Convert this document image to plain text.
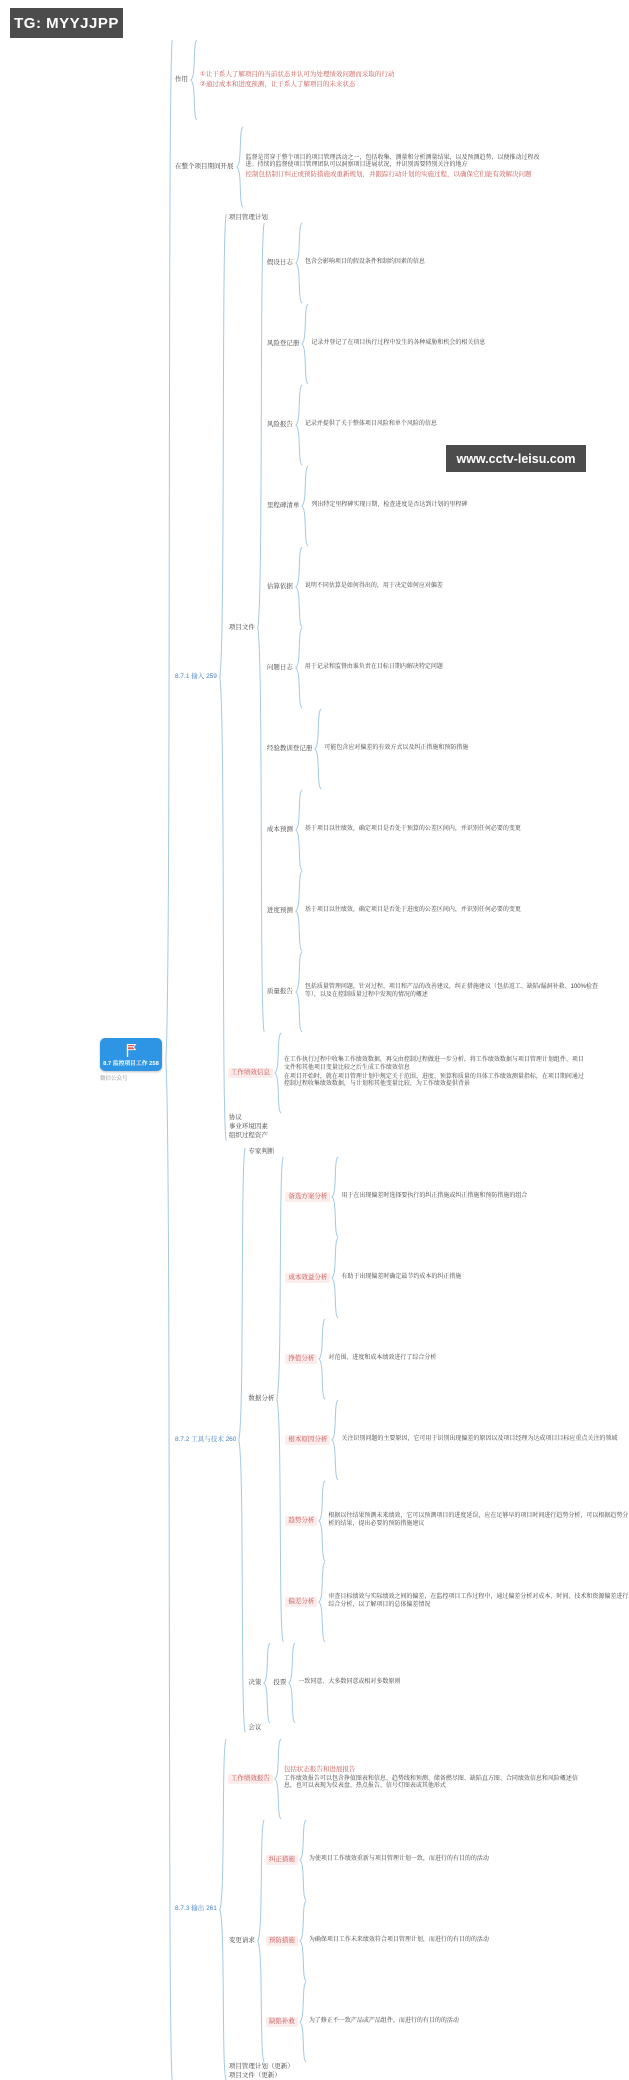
TG: MYYJJPP
8.7 监控项目工作 258
微信公众号
作用
①让干系人了解项目的当前状态并认可为处理绩效问题而采取的行动
②通过成本和进度预测，让干系人了解项目的未来状态
在整个项目期间开展
监督是贯穿于整个项目的项目管理活动之一，包括收集、测量和分析测量结果，以及预测趋势，以便推动过程改进。持续的监督使项目管理团队可以洞察项目进展状况，并识别需要特别关注的地方
控制包括制订纠正或预防措施或重新规划，并跟踪行动计划的实施过程，以确保它们能有效解决问题
8.7.1 输入 259
项目管理计划
项目文件
假设日志 包含会影响项目的假设条件和制约因素的信息
风险登记册 记录并登记了在项目执行过程中发生的各种威胁和机会的相关信息
风险报告 记录并提供了关于整体项目风险和单个风险的信息
里程碑清单 列出特定里程碑实现日期，检查进度是否达到计划的里程碑
估算依据 说明不同估算是如何得出的，用于决定如何应对偏差
问题日志 用于记录和监督由谁负责在目标日期内解决特定问题
经验教训登记册 可能包含应对偏差的有效方式以及纠正措施和预防措施
成本预测 基于项目以往绩效，确定项目是否处于预算的公差区间内，并识别任何必要的变更
进度预测 基于项目以往绩效，确定项目是否处于进度的公差区间内，并识别任何必要的变更
质量报告
包括质量管理问题，针对过程、项目和产品的改善建议，纠正措施建议（包括返工、缺陷/漏洞补救、100%检查等），以及在控制质量过程中发现的情况的概述
工作绩效信息
在工作执行过程中收集工作绩效数据，再交由控制过程做进一步分析。将工作绩效数据与项目管理计划组件、项目文件和其他项目变量比较之后生成工作绩效信息
在项目开始时，就在项目管理计划中规定关于范围、进度、预算和质量的具体工作绩效测量指标，在项目期间通过控制过程收集绩效数据，与计划和其他变量比较，为工作绩效提供背景
协议
事业环境因素
组织过程资产
8.7.2 工具与技术 260
专家判断
数据分析
备选方案分析	用于在出现偏差时选择要执行的纠正措施或纠正措施和预防措施的组合
成本效益分析	有助于出现偏差时确定最节约成本的纠正措施
挣值分析	对范围、进度和成本绩效进行了综合分析
根本原因分析	关注识别问题的主要原因，它可用于识别出现偏差的原因以及项目经理为达成项目目标应重点关注的领域
趋势分析
根据以往结果预测未来绩效，它可以预测项目的进度延误，应在足够早的项目时间进行趋势分析，可以根据趋势分析的结果，提出必要的预防措施建议
偏差分析
审查目标绩效与实际绩效之间的偏差，在监控项目工作过程中，通过偏差分析对成本、时间、技术和资源偏差进行综合分析，以了解项目的总体偏差情况
决策 投票 一致同意、大多数同意或相对多数原则
会议
8.7.3 输出 261
工作绩效报告
包括状态报告和进展报告
工作绩效报告可以包含挣值图表和信息、趋势线和预测、储备燃尽图、缺陷直方图、合同绩效信息和风险概述信息，也可以表现为仪表盘、热点报告、信号灯图表或其他形式
变更请求
纠正措施	为使项目工作绩效重新与项目管理计划一致，而进行的有目的的活动
预防措施	为确保项目工作未来绩效符合项目管理计划，而进行的有目的的活动
缺陷补救	为了修正不一致产品或产品组件，而进行的有目的的活动
项目管理计划（更新）
项目文件（更新）
www.cctv-leisu.com
